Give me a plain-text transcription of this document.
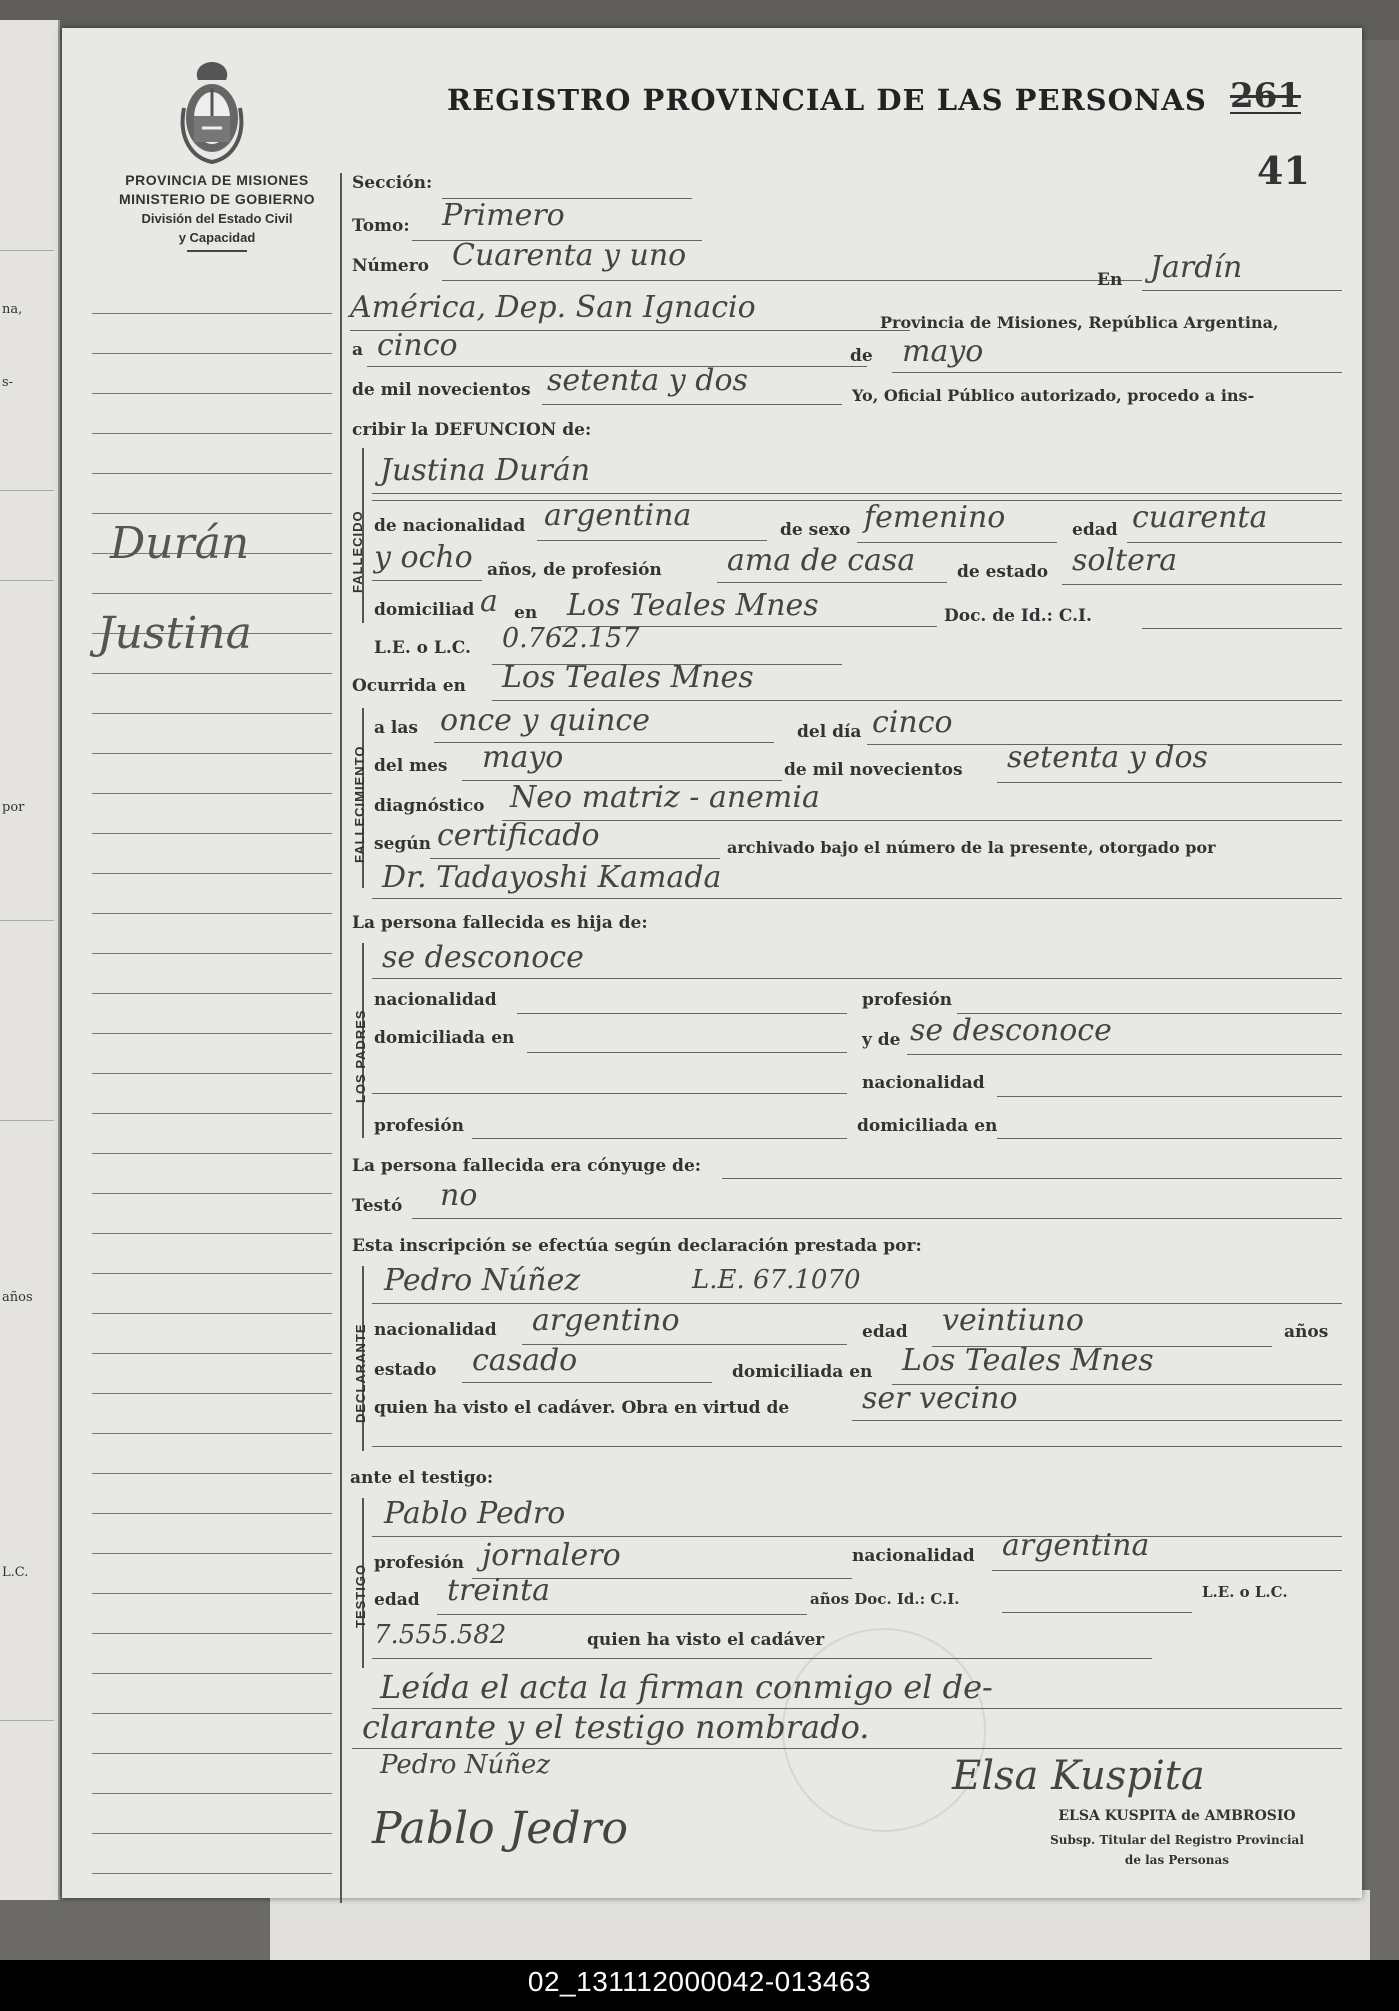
na,
s-
por
años
L.C.
REGISTRO PROVINCIAL DE LAS PERSONAS 261
41
PROVINCIA DE MISIONES
MINISTERIO DE GOBIERNO
División del Estado Civil
y Capacidad
Durán
Justina
Sección:
Tomo: Primero
Número Cuarenta y uno
En Jardín
América, Dep. San Ignacio	Provincia de Misiones, República Argentina,
a cinco	de mayo
de mil novecientos setenta y dos	Yo, Oficial Público autorizado, procedo a ins-
cribir la DEFUNCION de:
FALLECIDO
Justina Durán
de nacionalidad argentina	de sexo femenino	edad cuarenta
y ocho años, de profesión ama de casa de estado soltera
domiciliad a en Los Teales Mnes	Doc. de Id.: C.I.
L.E. o L.C. 0.762.157
Ocurrida en Los Teales Mnes
FALLECIMIENTO
a las once y quince	del día cinco
del mes mayo	de mil novecientos setenta y dos
diagnóstico Neo matriz - anemia
según certificado	archivado bajo el número de la presente, otorgado por
Dr. Tadayoshi Kamada
La persona fallecida es hija de:
LOS PADRES
se desconoce
nacionalidad	profesión
domiciliada en	y de se desconoce
nacionalidad
profesión	domiciliada en
La persona fallecida era cónyuge de:
Testó no
Esta inscripción se efectúa según declaración prestada por:
DECLARANTE
Pedro Núñez	L.E. 67.1070
nacionalidad argentino	edad veintiuno	años
estado casado	domiciliada en Los Teales Mnes
quien ha visto el cadáver. Obra en virtud de ser vecino
ante el testigo:
TESTIGO
Pablo Pedro
profesión jornalero	nacionalidad argentina
edad treinta	años Doc. Id.: C.I.	L.E. o L.C.
7.555.582	quien ha visto el cadáver
Leída el acta la firman conmigo el de-
clarante y el testigo nombrado.
Pedro Núñez
Pablo Jedro
Elsa Kuspita
ELSA KUSPITA de AMBROSIO
Subsp. Titular del Registro Provincial
de las Personas
02_131112000042-013463
